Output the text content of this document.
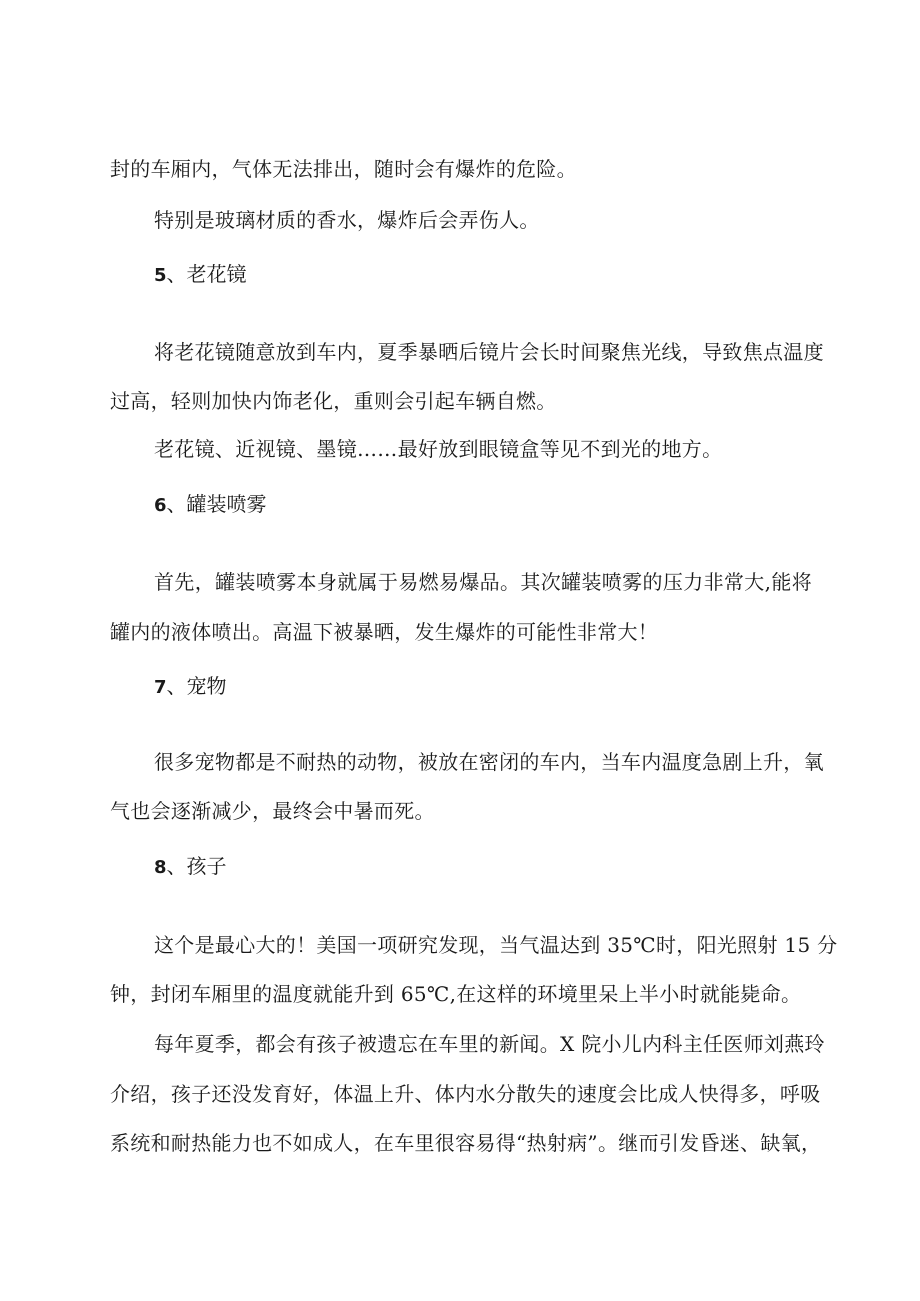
封的车厢内，气体无法排出，随时会有爆炸的危险。
特别是玻璃材质的香水，爆炸后会弄伤人。
5、老花镜
将老花镜随意放到车内，夏季暴晒后镜片会长时间聚焦光线，导致焦点温度
过高，轻则加快内饰老化，重则会引起车辆自燃。
老花镜、近视镜、墨镜……最好放到眼镜盒等见不到光的地方。
6、罐装喷雾
首先，罐装喷雾本身就属于易燃易爆品。其次罐装喷雾的压力非常大,能将
罐内的液体喷出。高温下被暴晒，发生爆炸的可能性非常大！
7、宠物
很多宠物都是不耐热的动物，被放在密闭的车内，当车内温度急剧上升，氧
气也会逐渐减少，最终会中暑而死。
8、孩子
这个是最心大的！美国一项研究发现，当气温达到 35℃时，阳光照射 15 分
钟，封闭车厢里的温度就能升到 65℃,在这样的环境里呆上半小时就能毙命。
每年夏季，都会有孩子被遗忘在车里的新闻。X 院小儿内科主任医师刘燕玲
介绍，孩子还没发育好，体温上升、体内水分散失的速度会比成人快得多，呼吸
系统和耐热能力也不如成人，在车里很容易得“热射病”。继而引发昏迷、缺氧，
